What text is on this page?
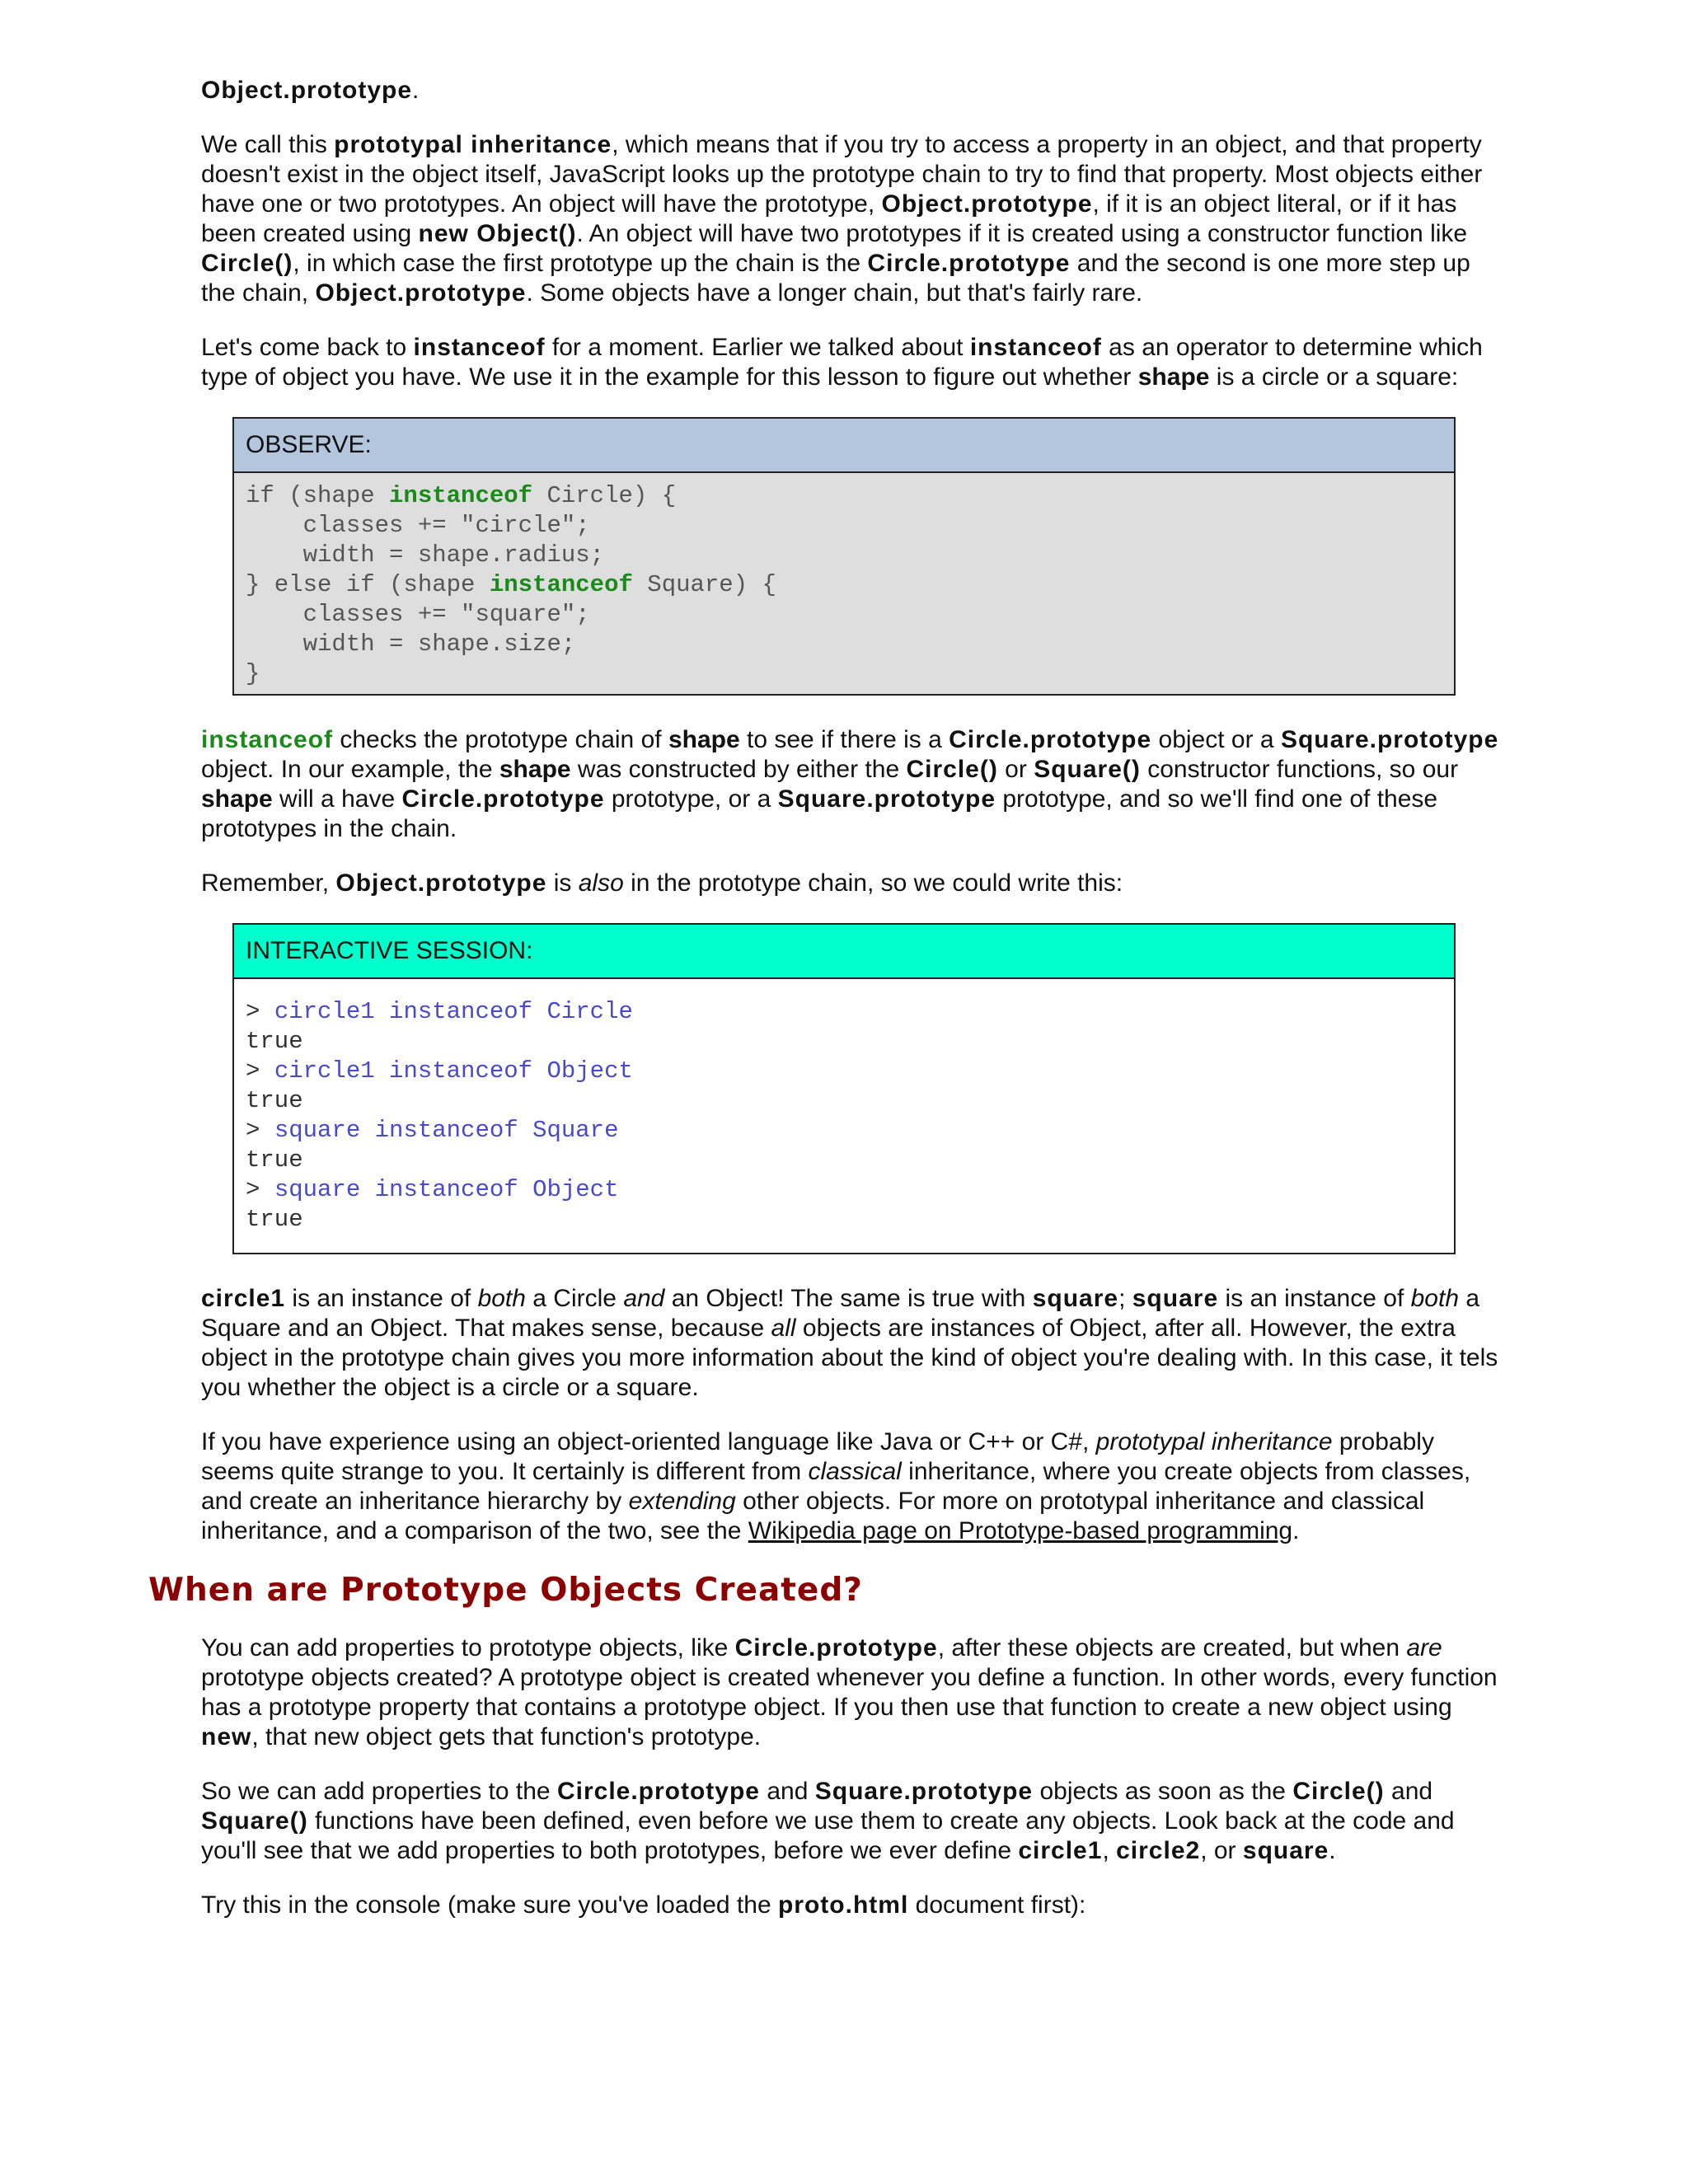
Object.prototype.

We call this prototypal inheritance, which means that if you try to access a property in an object, and that property doesn't exist in the object itself, JavaScript looks up the prototype chain to try to find that property. Most objects either have one or two prototypes. An object will have the prototype, Object.prototype, if it is an object literal, or if it has been created using new Object(). An object will have two prototypes if it is created using a constructor function like Circle(), in which case the first prototype up the chain is the Circle.prototype and the second is one more step up the chain, Object.prototype. Some objects have a longer chain, but that's fairly rare.

Let's come back to instanceof for a moment. Earlier we talked about instanceof as an operator to determine which type of object you have. We use it in the example for this lesson to figure out whether shape is a circle or a square:

OBSERVE:
if (shape instanceof Circle) {
classes += "circle";
width = shape.radius;
} else if (shape instanceof Square) {
classes += "square";
width = shape.size;
}

instanceof checks the prototype chain of shape to see if there is a Circle.prototype object or a Square.prototype object. In our example, the shape was constructed by either the Circle() or Square() constructor functions, so our shape will a have Circle.prototype prototype, or a Square.prototype prototype, and so we'll find one of these prototypes in the chain.

Remember, Object.prototype is also in the prototype chain, so we could write this:

INTERACTIVE SESSION:
> circle1 instanceof Circle
true
> circle1 instanceof Object
true
> square instanceof Square
true
> square instanceof Object
true

circle1 is an instance of both a Circle and an Object! The same is true with square; square is an instance of both a Square and an Object. That makes sense, because all objects are instances of Object, after all. However, the extra object in the prototype chain gives you more information about the kind of object you're dealing with. In this case, it tels you whether the object is a circle or a square.

If you have experience using an object-oriented language like Java or C++ or C#, prototypal inheritance probably seems quite strange to you. It certainly is different from classical inheritance, where you create objects from classes, and create an inheritance hierarchy by extending other objects. For more on prototypal inheritance and classical inheritance, and a comparison of the two, see the Wikipedia page on Prototype-based programming.

When are Prototype Objects Created?

You can add properties to prototype objects, like Circle.prototype, after these objects are created, but when are prototype objects created? A prototype object is created whenever you define a function. In other words, every function has a prototype property that contains a prototype object. If you then use that function to create a new object using new, that new object gets that function's prototype.

So we can add properties to the Circle.prototype and Square.prototype objects as soon as the Circle() and Square() functions have been defined, even before we use them to create any objects. Look back at the code and you'll see that we add properties to both prototypes, before we ever define circle1, circle2, or square.

Try this in the console (make sure you've loaded the proto.html document first):
